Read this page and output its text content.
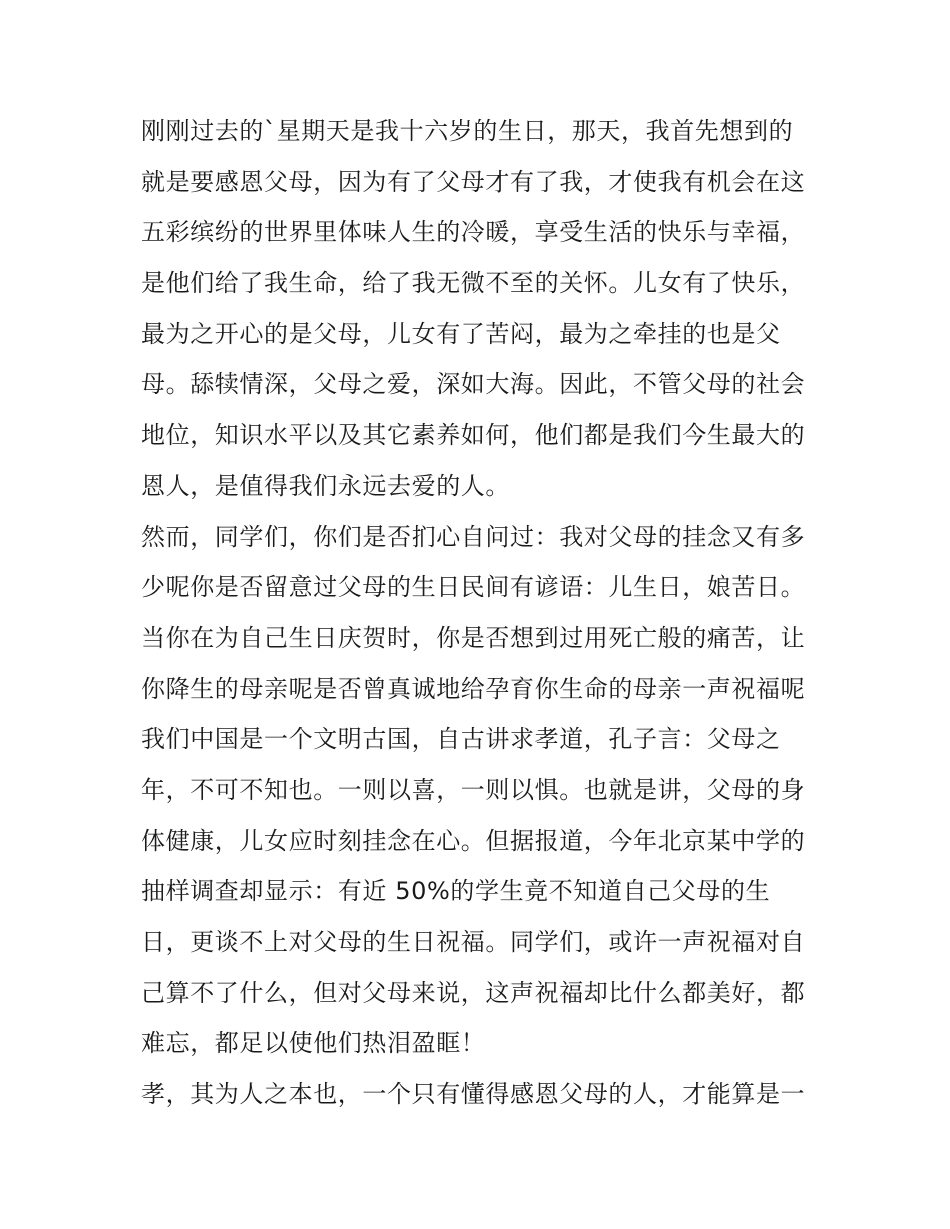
刚刚过去的`星期天是我十六岁的生日，那天，我首先想到的
就是要感恩父母，因为有了父母才有了我，才使我有机会在这
五彩缤纷的世界里体味人生的冷暖，享受生活的快乐与幸福，
是他们给了我生命，给了我无微不至的关怀。儿女有了快乐，
最为之开心的是父母，儿女有了苦闷，最为之牵挂的也是父
母。舔犊情深，父母之爱，深如大海。因此，不管父母的社会
地位，知识水平以及其它素养如何，他们都是我们今生最大的
恩人，是值得我们永远去爱的人。
然而，同学们，你们是否扪心自问过：我对父母的挂念又有多
少呢你是否留意过父母的生日民间有谚语：儿生日，娘苦日。
当你在为自己生日庆贺时，你是否想到过用死亡般的痛苦，让
你降生的母亲呢是否曾真诚地给孕育你生命的母亲一声祝福呢
我们中国是一个文明古国，自古讲求孝道，孔子言：父母之
年，不可不知也。一则以喜，一则以惧。也就是讲，父母的身
体健康，儿女应时刻挂念在心。但据报道，今年北京某中学的
抽样调查却显示：有近 50%的学生竟不知道自己父母的生
日，更谈不上对父母的生日祝福。同学们，或许一声祝福对自
己算不了什么，但对父母来说，这声祝福却比什么都美好，都
难忘，都足以使他们热泪盈眶！
孝，其为人之本也，一个只有懂得感恩父母的人，才能算是一
